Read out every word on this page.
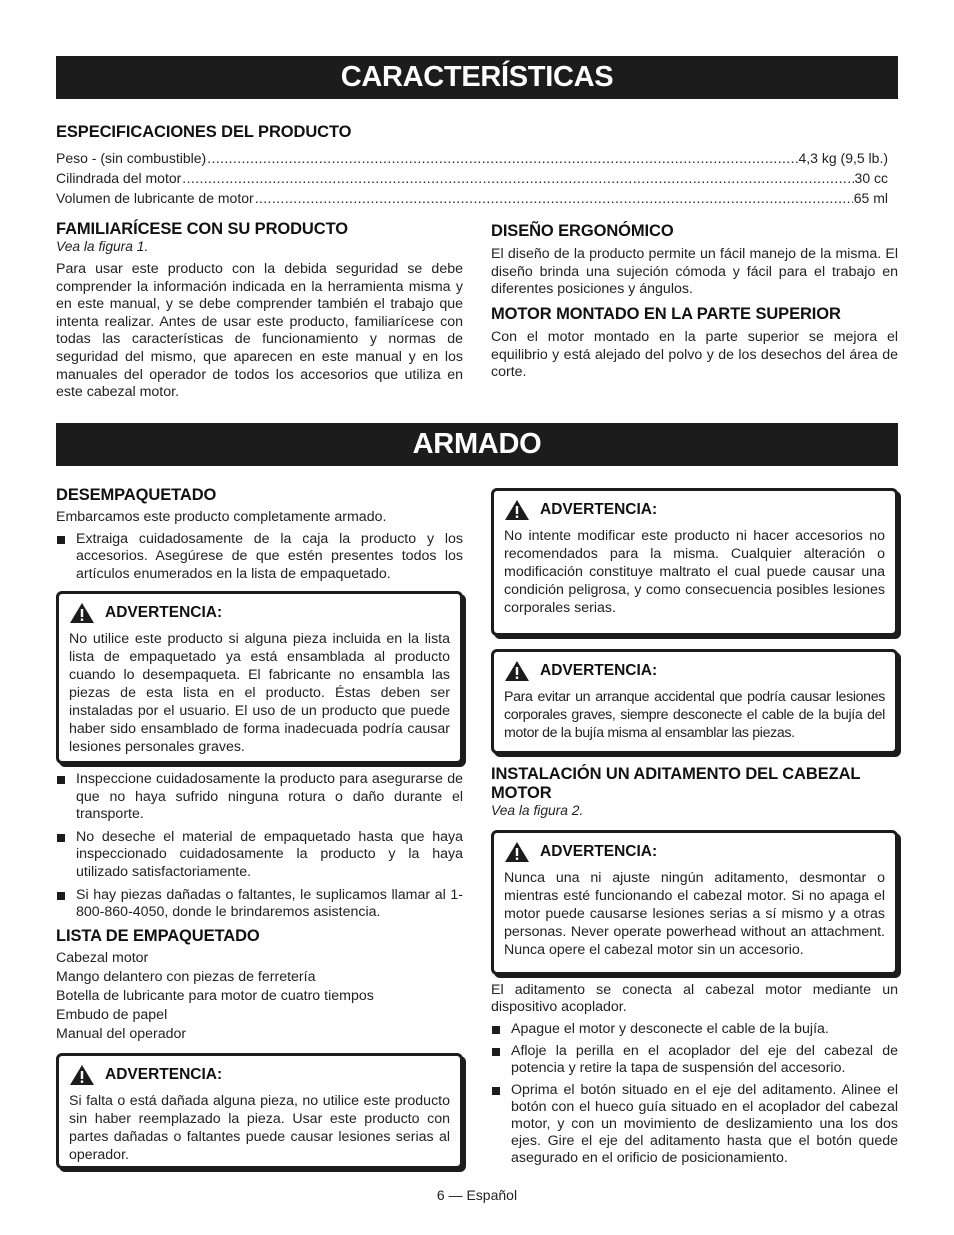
CARACTERÍSTICAS
ESPECIFICACIONES DEL PRODUCTO
Peso - (sin combustible) .....	4,3 kg (9,5 lb.)
Cilindrada del motor .....	30 cc
Volumen de lubricante de motor .....	65 ml
FAMILIARÍCESE CON SU PRODUCTO

Vea la figura 1.

Para usar este producto con la debida seguridad se debe comprender la información indicada en la herramienta misma y en este manual, y se debe comprender también el trabajo que intenta realizar. Antes de usar este producto, familiarícese con todas las características de funcionamiento y normas de seguridad del mismo, que aparecen en este manual y en los manuales del operador de todos los accesorios que utiliza en este cabezal motor.

DISEÑO ERGONÓMICO

El diseño de la producto permite un fácil manejo de la misma. El diseño brinda una sujeción cómoda y fácil para el trabajo en diferentes posiciones y ángulos.

MOTOR MONTADO EN LA PARTE SUPERIOR

Con el motor montado en la parte superior se mejora el equilibrio y está alejado del polvo y de los desechos del área de corte.

ARMADO
DESEMPAQUETADO

Embarcamos este producto completamente armado.

Extraiga cuidadosamente de la caja la producto y los accesorios. Asegúrese de que estén presentes todos los artículos enumerados en la lista de empaquetado.
ADVERTENCIA:

No utilice este producto si alguna pieza incluida en la lista lista de empaquetado ya está ensamblada al producto cuando lo desempaqueta. El fabricante no ensambla las piezas de esta lista en el producto. Éstas deben ser instaladas por el usuario. El uso de un producto que puede haber sido ensamblado de forma inadecuada podría causar lesiones personales graves.

Inspeccione cuidadosamente la producto para asegurarse de que no haya sufrido ninguna rotura o daño durante el transporte.
No deseche el material de empaquetado hasta que haya inspeccionado cuidadosamente la producto y la haya utilizado satisfactoriamente.
Si hay piezas dañadas o faltantes, le suplicamos llamar al 1-800-860-4050, donde le brindaremos asistencia.
LISTA DE EMPAQUETADO
Cabezal motor
Mango delantero con piezas de ferretería
Botella de lubricante para motor de cuatro tiempos
Embudo de papel
Manual del operador
ADVERTENCIA:

Si falta o está dañada alguna pieza, no utilice este producto sin haber reemplazado la pieza. Usar este producto con partes dañadas o faltantes puede causar lesiones serias al operador.

ADVERTENCIA:

No intente modificar este producto ni hacer accesorios no recomendados para la misma. Cualquier alteración o modificación constituye maltrato el cual puede causar una condición peligrosa, y como consecuencia posibles lesiones corporales serias.

ADVERTENCIA:

Para evitar un arranque accidental que podría causar lesiones corporales graves, siempre desconecte el cable de la bujía del motor de la bujía misma al ensamblar las piezas.

INSTALACIÓN UN ADITAMENTO DEL CABEZAL MOTOR

Vea la figura 2.

ADVERTENCIA:

Nunca una ni ajuste ningún aditamento, desmontar o mientras esté funcionando el cabezal motor. Si no apaga el motor puede causarse lesiones serias a sí mismo y a otras personas. Never operate powerhead without an attachment. Nunca opere el cabezal motor sin un accesorio.

El aditamento se conecta al cabezal motor mediante un dispositivo acoplador.

Apague el motor y desconecte el cable de la bujía.
Afloje la perilla en el acoplador del eje del cabezal de potencia y retire la tapa de suspensión del accesorio.
Oprima el botón situado en el eje del aditamento. Alinee el botón con el hueco guía situado en el acoplador del cabezal motor, y con un movimiento de deslizamiento una los dos ejes. Gire el eje del aditamento hasta que el botón quede asegurado en el orificio de posicionamiento.
6 — Español
